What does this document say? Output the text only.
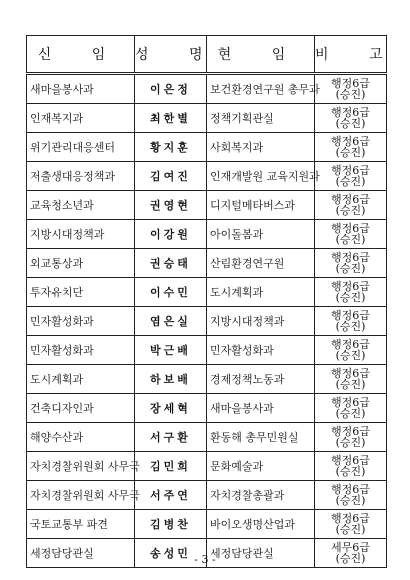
신 임	성 명	현 임	비 고
새마을봉사과	이은정	보건환경연구원 총무과	행정6급
(승진)

인재복지과	최한별	정책기획관실	행정6급
(승진)

위기관리대응센터	황지훈	사회복지과	행정6급
(승진)

저출생대응정책과	김여진	인재개발원 교육지원과	행정6급
(승진)

교육청소년과	권영현	디지털메타버스과	행정6급
(승진)

지방시대정책과	이강원	아이돌봄과	행정6급
(승진)

외교통상과	권승태	산림환경연구원	행정6급
(승진)

투자유치단	이수민	도시계획과	행정6급
(승진)

민자활성화과	염은실	지방시대정책과	행정6급
(승진)

민자활성화과	박근배	민자활성화과	행정6급
(승진)

도시계획과	하보배	경제정책노동과	행정6급
(승진)

건축디자인과	장세혁	새마을봉사과	행정6급
(승진)

해양수산과	서구환	환동해 총무민원실	행정6급
(승진)

자치경찰위원회 사무국	김민희	문화예술과	행정6급
(승진)

자치경찰위원회 사무국	서주연	자치경찰총괄과	행정6급
(승진)

국토교통부 파견	김병찬	바이오생명산업과	행정6급
(승진)

세정담당관실	송성민	세정담당관실	세무6급
(승진)
- 3 -
